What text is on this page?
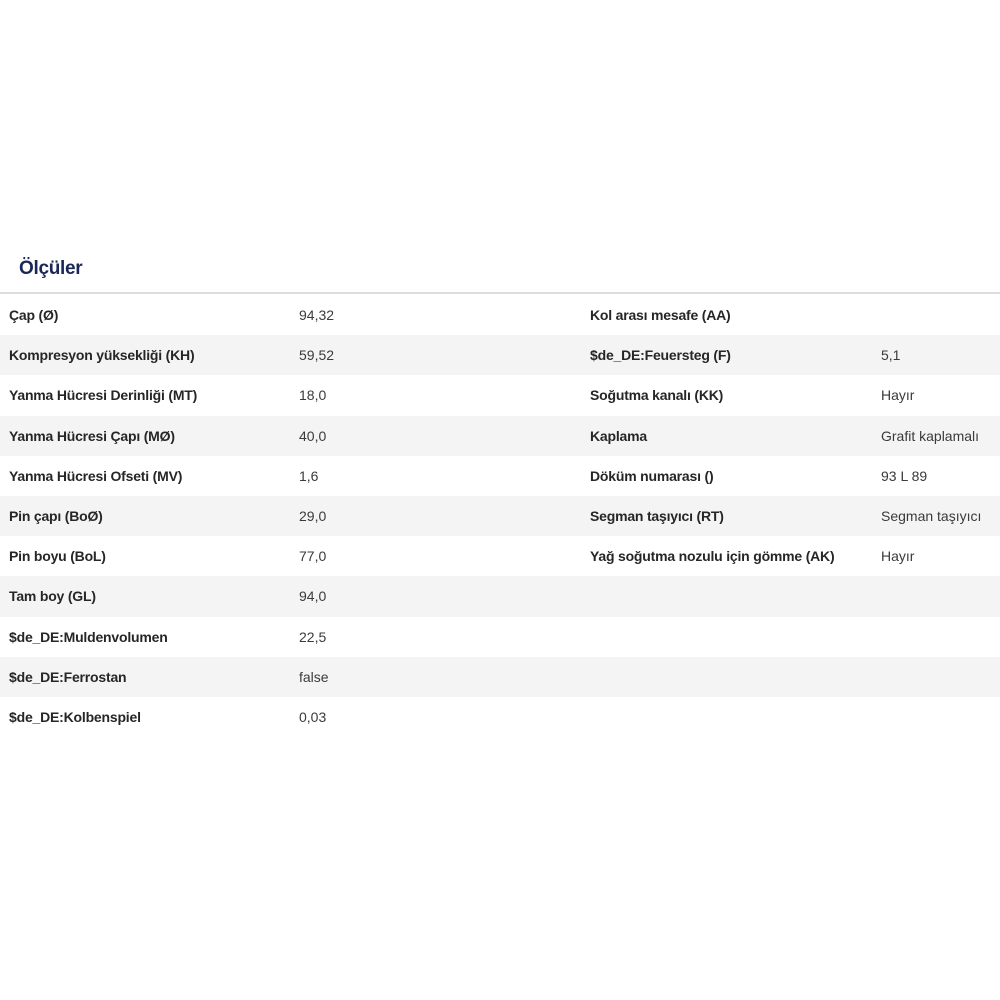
Ölçüler
Çap (Ø)	94,32	Kol arası mesafe (AA)
Kompresyon yüksekliği (KH)	59,52	$de_DE:Feuersteg (F)	5,1
Yanma Hücresi Derinliği (MT)	18,0	Soğutma kanalı (KK)	Hayır
Yanma Hücresi Çapı (MØ)	40,0	Kaplama	Grafit kaplamalı
Yanma Hücresi Ofseti (MV)	1,6	Döküm numarası ()	93 L 89
Pin çapı (BoØ)	29,0	Segman taşıyıcı (RT)	Segman taşıyıcı
Pin boyu (BoL)	77,0	Yağ soğutma nozulu için gömme (AK)	Hayır
Tam boy (GL)	94,0
$de_DE:Muldenvolumen	22,5
$de_DE:Ferrostan	false
$de_DE:Kolbenspiel	0,03
